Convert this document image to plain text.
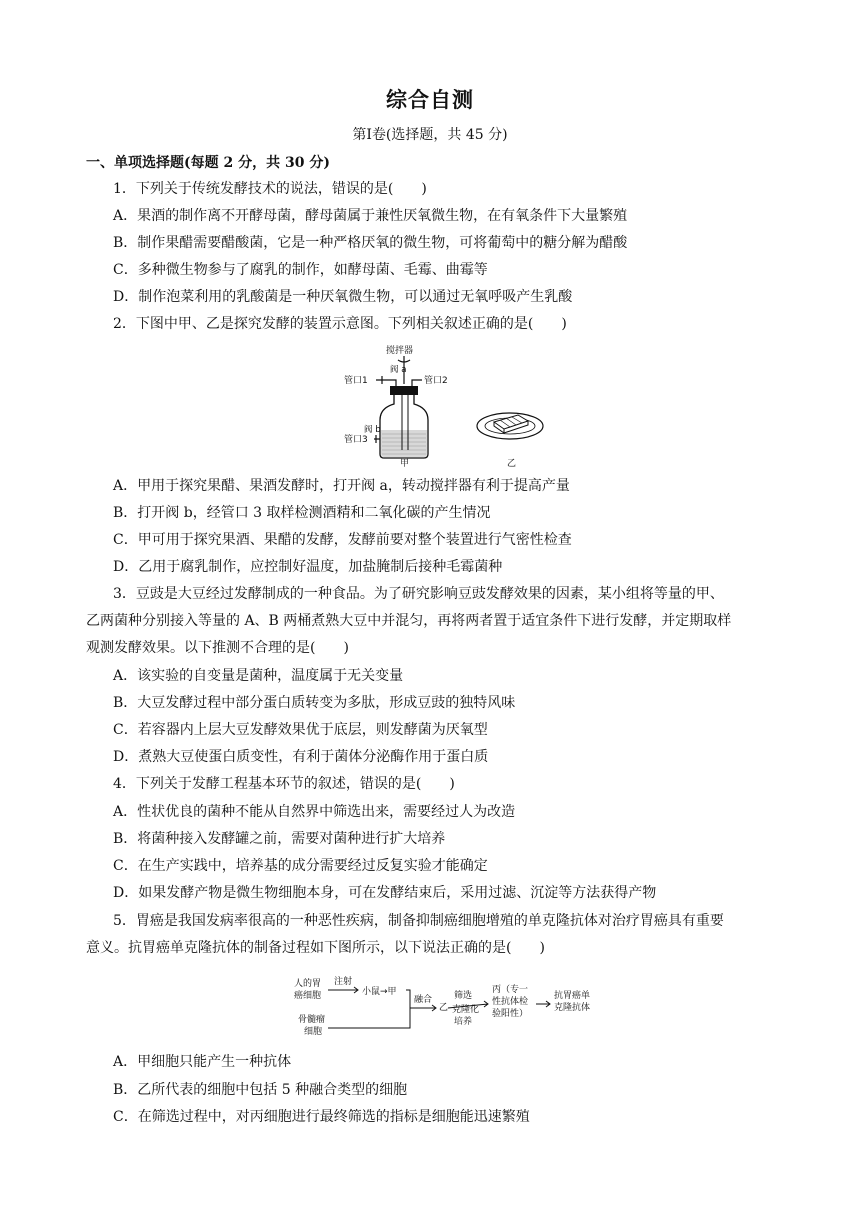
综合自测
第Ⅰ卷(选择题，共 45 分)
一、单项选择题(每题 2 分，共 30 分)
1．下列关于传统发酵技术的说法，错误的是(　　)
A．果酒的制作离不开酵母菌，酵母菌属于兼性厌氧微生物，在有氧条件下大量繁殖
B．制作果醋需要醋酸菌，它是一种严格厌氧的微生物，可将葡萄中的糖分解为醋酸
C．多种微生物参与了腐乳的制作，如酵母菌、毛霉、曲霉等
D．制作泡菜利用的乳酸菌是一种厌氧微生物，可以通过无氧呼吸产生乳酸
2．下图中甲、乙是探究发酵的装置示意图。下列相关叙述正确的是(　　)
搅拌器
阀 a
管口1	管口2
阀 b
管口3
甲	乙
A．甲用于探究果醋、果酒发酵时，打开阀 a，转动搅拌器有利于提高产量
B．打开阀 b，经管口 3 取样检测酒精和二氧化碳的产生情况
C．甲可用于探究果酒、果醋的发酵，发酵前要对整个装置进行气密性检查
D．乙用于腐乳制作，应控制好温度，加盐腌制后接种毛霉菌种
3．豆豉是大豆经过发酵制成的一种食品。为了研究影响豆豉发酵效果的因素，某小组将等量的甲、
乙两菌种分别接入等量的 A、B 两桶煮熟大豆中并混匀，再将两者置于适宜条件下进行发酵，并定期取样
观测发酵效果。以下推测不合理的是(　　)
A．该实验的自变量是菌种，温度属于无关变量
B．大豆发酵过程中部分蛋白质转变为多肽，形成豆豉的独特风味
C．若容器内上层大豆发酵效果优于底层，则发酵菌为厌氧型
D．煮熟大豆使蛋白质变性，有利于菌体分泌酶作用于蛋白质
4．下列关于发酵工程基本环节的叙述，错误的是(　　)
A．性状优良的菌种不能从自然界中筛选出来，需要经过人为改造
B．将菌种接入发酵罐之前，需要对菌种进行扩大培养
C．在生产实践中，培养基的成分需要经过反复实验才能确定
D．如果发酵产物是微生物细胞本身，可在发酵结束后，采用过滤、沉淀等方法获得产物
5．胃癌是我国发病率很高的一种恶性疾病，制备抑制癌细胞增殖的单克隆抗体对治疗胃癌具有重要
意义。抗胃癌单克隆抗体的制备过程如下图所示，以下说法正确的是(　　)
人的胃
癌细胞
注射
小鼠→甲
骨髓瘤
细胞
融合
乙
筛选
克隆化
培养
丙（专一
性抗体检
验阳性）
抗胃癌单
克隆抗体
A．甲细胞只能产生一种抗体
B．乙所代表的细胞中包括 5 种融合类型的细胞
C．在筛选过程中，对丙细胞进行最终筛选的指标是细胞能迅速繁殖
